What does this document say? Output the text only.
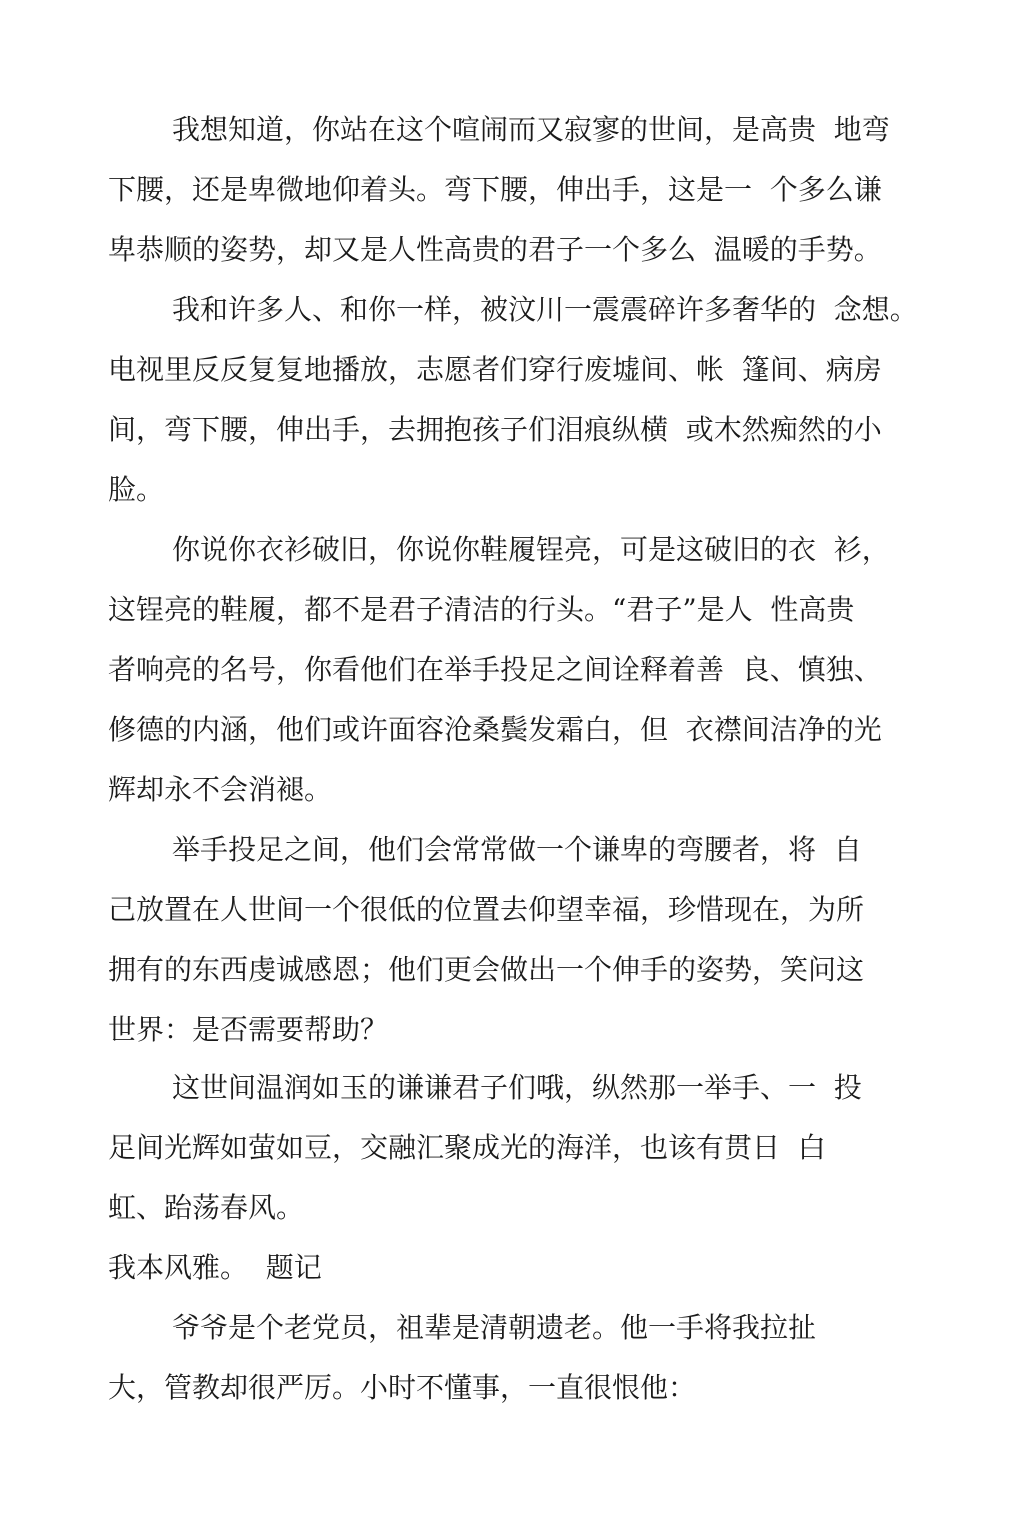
我想知道，你站在这个喧闹而又寂寥的世间，是高贵  地弯
下腰，还是卑微地仰着头。弯下腰，伸出手，这是一  个多么谦
卑恭顺的姿势，却又是人性高贵的君子一个多么  温暖的手势。
我和许多人、和你一样，被汶川一震震碎许多奢华的  念想。
电视里反反复复地播放，志愿者们穿行废墟间、帐  篷间、病房
间，弯下腰，伸出手，去拥抱孩子们泪痕纵横  或木然痴然的小
脸。
你说你衣衫破旧，你说你鞋履锃亮，可是这破旧的衣  衫，
这锃亮的鞋履，都不是君子清洁的行头。“君子”是人  性高贵
者响亮的名号，你看他们在举手投足之间诠释着善  良、慎独、
修德的内涵，他们或许面容沧桑鬓发霜白，但  衣襟间洁净的光
辉却永不会消褪。
举手投足之间，他们会常常做一个谦卑的弯腰者，将  自
己放置在人世间一个很低的位置去仰望幸福，珍惜现在，为所
拥有的东西虔诚感恩；他们更会做出一个伸手的姿势，笑问这
世界：是否需要帮助？
这世间温润如玉的谦谦君子们哦，纵然那一举手、一  投
足间光辉如萤如豆，交融汇聚成光的海洋，也该有贯日  白
虹、跆荡春风。
我本风雅。  题记
爷爷是个老党员，祖辈是清朝遗老。他一手将我拉扯
大，管教却很严厉。小时不懂事，一直很恨他：
